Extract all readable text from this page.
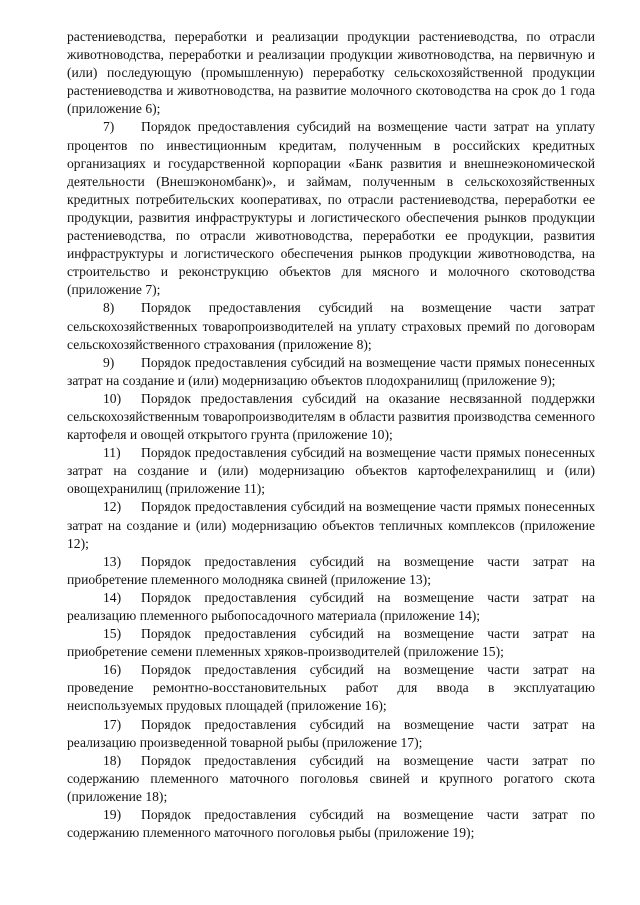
растениеводства, переработки и реализации продукции растениеводства, по отрасли животноводства, переработки и реализации продукции животноводства, на первичную и (или) последующую (промышленную) переработку сельскохозяйственной продукции растениеводства и животноводства, на развитие молочного скотоводства на срок до 1 года (приложение 6);

7) Порядок предоставления субсидий на возмещение части затрат на уплату процентов по инвестиционным кредитам, полученным в российских кредитных организациях и государственной корпорации «Банк развития и внешнеэкономической деятельности (Внешэкономбанк)», и займам, полученным в сельскохозяйственных кредитных потребительских кооперативах, по отрасли растениеводства, переработки ее продукции, развития инфраструктуры и логистического обеспечения рынков продукции растениеводства, по отрасли животноводства, переработки ее продукции, развития инфраструктуры и логистического обеспечения рынков продукции животноводства, на строительство и реконструкцию объектов для мясного и молочного скотоводства (приложение 7);

8) Порядок предоставления субсидий на возмещение части затрат сельскохозяйственных товаропроизводителей на уплату страховых премий по договорам сельскохозяйственного страхования (приложение 8);

9) Порядок предоставления субсидий на возмещение части прямых понесенных затрат на создание и (или) модернизацию объектов плодохранилищ (приложение 9);

10) Порядок предоставления субсидий на оказание несвязанной поддержки сельскохозяйственным товаропроизводителям в области развития производства семенного картофеля и овощей открытого грунта (приложение 10);

11) Порядок предоставления субсидий на возмещение части прямых понесенных затрат на создание и (или) модернизацию объектов картофелехранилищ и (или) овощехранилищ (приложение 11);

12) Порядок предоставления субсидий на возмещение части прямых понесенных затрат на создание и (или) модернизацию объектов тепличных комплексов (приложение 12);

13) Порядок предоставления субсидий на возмещение части затрат на приобретение племенного молодняка свиней (приложение 13);

14) Порядок предоставления субсидий на возмещение части затрат на реализацию племенного рыбопосадочного материала (приложение 14);

15) Порядок предоставления субсидий на возмещение части затрат на приобретение семени племенных хряков-производителей (приложение 15);

16) Порядок предоставления субсидий на возмещение части затрат на проведение ремонтно-восстановительных работ для ввода в эксплуатацию неиспользуемых прудовых площадей (приложение 16);

17) Порядок предоставления субсидий на возмещение части затрат на реализацию произведенной товарной рыбы (приложение 17);

18) Порядок предоставления субсидий на возмещение части затрат по содержанию племенного маточного поголовья свиней и крупного рогатого скота (приложение 18);

19) Порядок предоставления субсидий на возмещение части затрат по содержанию племенного маточного поголовья рыбы (приложение 19);
